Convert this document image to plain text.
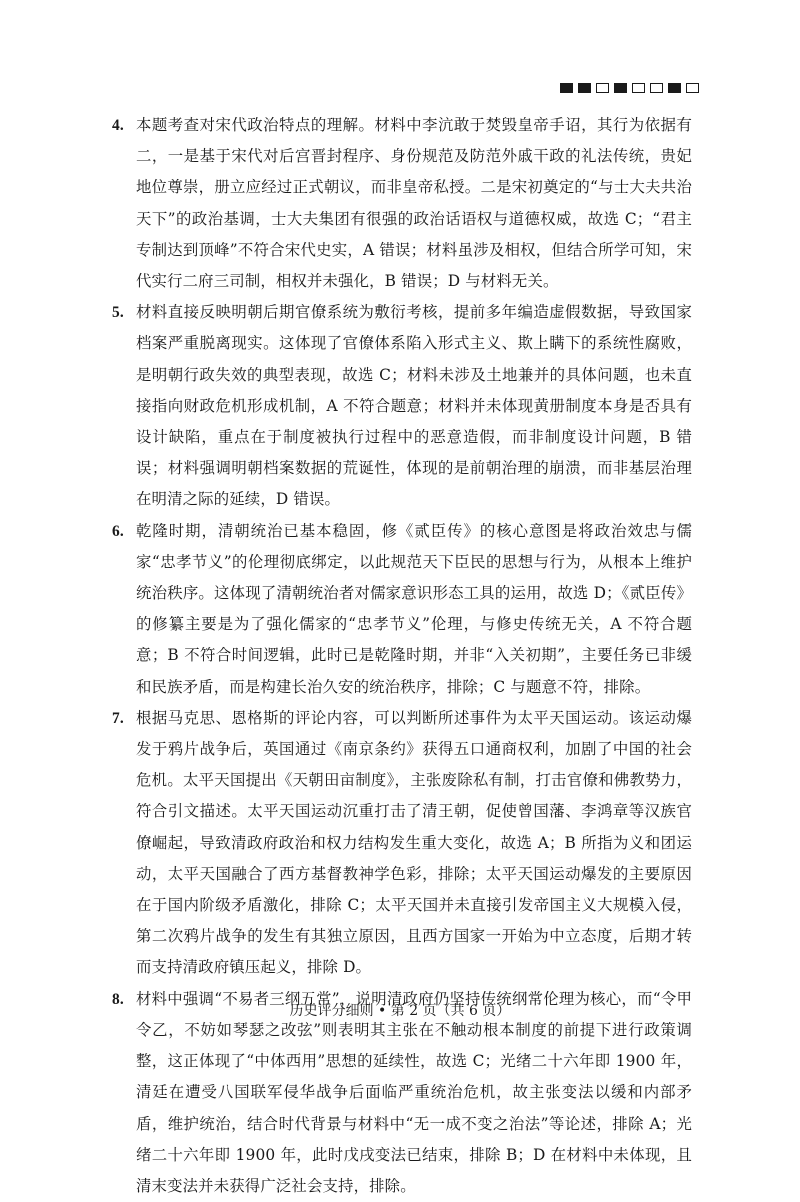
4. 本题考查对宋代政治特点的理解。材料中李沆敢于焚毁皇帝手诏，其行为依据有二，一是基于宋代对后宫晋封程序、身份规范及防范外戚干政的礼法传统，贵妃地位尊崇，册立应经过正式朝议，而非皇帝私授。二是宋初奠定的“与士大夫共治天下”的政治基调，士大夫集团有很强的政治话语权与道德权威，故选 C；“君主专制达到顶峰”不符合宋代史实，A 错误；材料虽涉及相权，但结合所学可知，宋代实行二府三司制，相权并未强化，B 错误；D 与材料无关。
5. 材料直接反映明朝后期官僚系统为敷衍考核，提前多年编造虚假数据，导致国家档案严重脱离现实。这体现了官僚体系陷入形式主义、欺上瞒下的系统性腐败，是明朝行政失效的典型表现，故选 C；材料未涉及土地兼并的具体问题，也未直接指向财政危机形成机制，A 不符合题意；材料并未体现黄册制度本身是否具有设计缺陷，重点在于制度被执行过程中的恶意造假，而非制度设计问题，B 错误；材料强调明朝档案数据的荒诞性，体现的是前朝治理的崩溃，而非基层治理在明清之际的延续，D 错误。
6. 乾隆时期，清朝统治已基本稳固，修《贰臣传》的核心意图是将政治效忠与儒家“忠孝节义”的伦理彻底绑定，以此规范天下臣民的思想与行为，从根本上维护统治秩序。这体现了清朝统治者对儒家意识形态工具的运用，故选 D；《贰臣传》的修纂主要是为了强化儒家的“忠孝节义”伦理，与修史传统无关，A 不符合题意；B 不符合时间逻辑，此时已是乾隆时期，并非“入关初期”，主要任务已非缓和民族矛盾，而是构建长治久安的统治秩序，排除；C 与题意不符，排除。
7. 根据马克思、恩格斯的评论内容，可以判断所述事件为太平天国运动。该运动爆发于鸦片战争后，英国通过《南京条约》获得五口通商权利，加剧了中国的社会危机。太平天国提出《天朝田亩制度》，主张废除私有制，打击官僚和佛教势力，符合引文描述。太平天国运动沉重打击了清王朝，促使曾国藩、李鸿章等汉族官僚崛起，导致清政府政治和权力结构发生重大变化，故选 A；B 所指为义和团运动，太平天国融合了西方基督教神学色彩，排除；太平天国运动爆发的主要原因在于国内阶级矛盾激化，排除 C；太平天国并未直接引发帝国主义大规模入侵，第二次鸦片战争的发生有其独立原因，且西方国家一开始为中立态度，后期才转而支持清政府镇压起义，排除 D。
8. 材料中强调“不易者三纲五常”，说明清政府仍坚持传统纲常伦理为核心，而“令甲令乙，不妨如琴瑟之改弦”则表明其主张在不触动根本制度的前提下进行政策调整，这正体现了“中体西用”思想的延续性，故选 C；光绪二十六年即 1900 年，清廷在遭受八国联军侵华战争后面临严重统治危机，故主张变法以缓和内部矛盾，维护统治，结合时代背景与材料中“无一成不变之治法”等论述，排除 A；光绪二十六年即 1900 年，此时戊戌变法已结束，排除 B；D 在材料中未体现，且清末变法并未获得广泛社会支持，排除。
历史评分细则 • 第 2 页（共 6 页）
